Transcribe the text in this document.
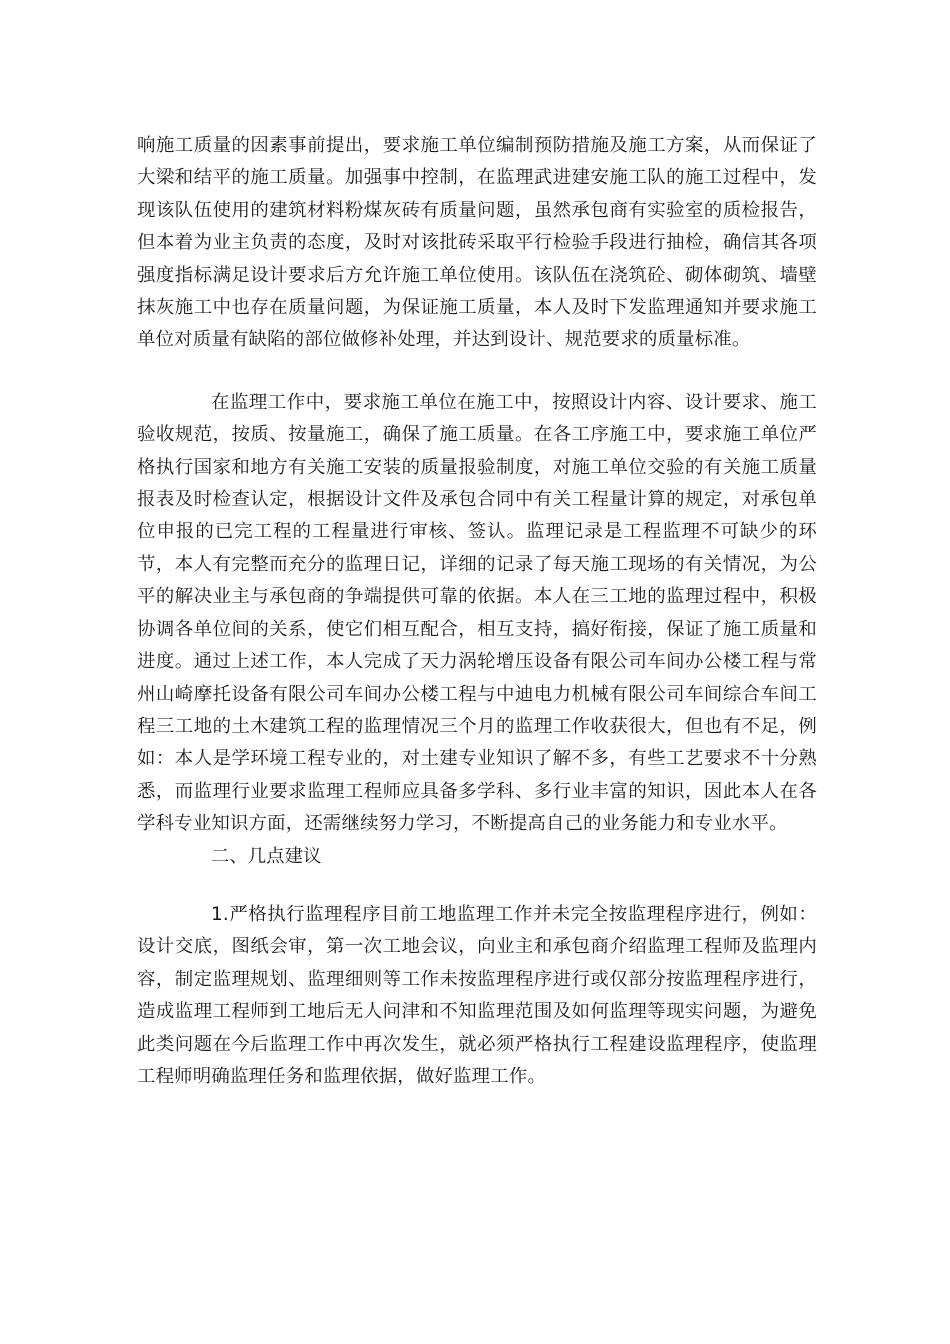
响施工质量的因素事前提出，要求施工单位编制预防措施及施工方案，从而保证了大梁和结平的施工质量。加强事中控制，在监理武进建安施工队的施工过程中，发现该队伍使用的建筑材料粉煤灰砖有质量问题，虽然承包商有实验室的质检报告，但本着为业主负责的态度，及时对该批砖采取平行检验手段进行抽检，确信其各项强度指标满足设计要求后方允许施工单位使用。该队伍在浇筑砼、砌体砌筑、墙壁抹灰施工中也存在质量问题，为保证施工质量，本人及时下发监理通知并要求施工单位对质量有缺陷的部位做修补处理，并达到设计、规范要求的质量标准。

在监理工作中，要求施工单位在施工中，按照设计内容、设计要求、施工验收规范，按质、按量施工，确保了施工质量。在各工序施工中，要求施工单位严格执行国家和地方有关施工安装的质量报验制度，对施工单位交验的有关施工质量报表及时检查认定，根据设计文件及承包合同中有关工程量计算的规定，对承包单位申报的已完工程的工程量进行审核、签认。监理记录是工程监理不可缺少的环节，本人有完整而充分的监理日记，详细的记录了每天施工现场的有关情况，为公平的解决业主与承包商的争端提供可靠的依据。本人在三工地的监理过程中，积极协调各单位间的关系，使它们相互配合，相互支持，搞好衔接，保证了施工质量和进度。通过上述工作，本人完成了天力涡轮增压设备有限公司车间办公楼工程与常州山崎摩托设备有限公司车间办公楼工程与中迪电力机械有限公司车间综合车间工程三工地的土木建筑工程的监理情况三个月的监理工作收获很大，但也有不足，例如：本人是学环境工程专业的，对土建专业知识了解不多，有些工艺要求不十分熟悉，而监理行业要求监理工程师应具备多学科、多行业丰富的知识，因此本人在各学科专业知识方面，还需继续努力学习，不断提高自己的业务能力和专业水平。

二、几点建议

1.严格执行监理程序目前工地监理工作并未完全按监理程序进行，例如：设计交底，图纸会审，第一次工地会议，向业主和承包商介绍监理工程师及监理内容，制定监理规划、监理细则等工作未按监理程序进行或仅部分按监理程序进行，造成监理工程师到工地后无人问津和不知监理范围及如何监理等现实问题，为避免此类问题在今后监理工作中再次发生，就必须严格执行工程建设监理程序，使监理工程师明确监理任务和监理依据，做好监理工作。
